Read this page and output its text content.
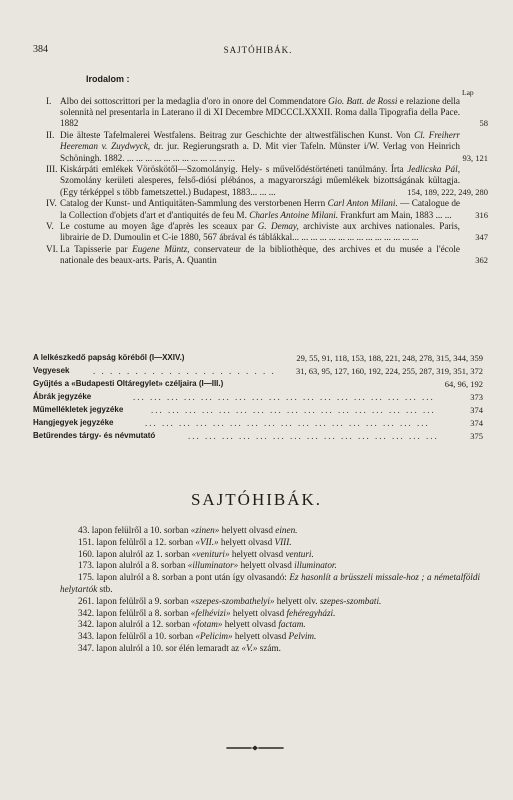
384	SAJTÓHIBÁK.
Irodalom :
Lap
I. Albo dei sottoscrittori per la medaglia d'oro in onore del Commendatore Gio. Batt. de Rossi e relazione della solennità nel presentarla in Laterano il di XI Decembre MDCCCLXXXII. Roma dalla Tipografia della Pace. 1882	58
II. Die älteste Tafelmalerei Westfalens. Beitrag zur Geschichte der altwestfälischen Kunst. Von Cl. Freiherr Heereman v. Zuydwyck, dr. jur. Regierungsrath a. D. Mit vier Tafeln. Münster i/W. Verlag von Heinrich Schöningh. 1882. ... ... ... ... ... ... ... ... ... ... ... ...	93, 121
III. Kiskárpáti emlékek Vöröskötől—Szomolányig. Hely- s művelődéstörténeti tanúlmány. Írta Jedlicska Pál, Szomolány kerületi alesperes, felső-diósi plébános, a magyarországi műemlékek bizottságának kültagja. (Egy térképpel s több fametszettel.) Budapest, 1883... ... ...	154, 189, 222, 249, 280
IV. Catalog der Kunst- und Antiquitäten-Sammlung des verstorbenen Herrn Carl Anton Milani. — Catalogue de la Collection d'objets d'art et d'antiquités de feu M. Charles Antoine Milani. Frankfurt am Main, 1883 ... ...	316
V. Le costume au moyen âge d'après les sceaux par G. Demay, archiviste aux archives nationales. Paris, librairie de D. Dumoulin et C-ie 1880, 567 ábrával és táblákkal... ... ... ... ... ... ... ... ... ... ... ... ... ...	347
VI. La Tapisserie par Eugene Müntz, conservateur de la bibliothèque, des archives et du musée a l'école nationale des beaux-arts. Paris, A. Quantin	362
A lelkészkedő papság köréből (I—XXIV.)	29, 55, 91, 118, 153, 188, 221, 248, 278, 315, 344, 359
Vegyesek	. . . . . . . . . . . . . . . . . . . . . . 31, 63, 95, 127, 160, 192, 224, 255, 287, 319, 351, 372
Gyűjtés a «Budapesti Oltáregylet» czéljaira (I—III.)	64, 96, 192
Ábrák jegyzéke	... ... ... ... ... ... ... ... ... ... ... ... ... ... ... ... ... ...	373
Műmellékletek jegyzéke	... ... ... ... ... ... ... ... ... ... ... ... ... ... ... ... ...	374
Hangjegyek jegyzéke	... ... ... ... ... ... ... ... ... ... ... ... ... ... ... ... ...	374
Betűrendes tárgy- és névmutató	... ... ... ... ... ... ... ... ... ... ... ... ... ... ...	375
SAJTÓHIBÁK.
43. lapon felülről a 10. sorban «zinen» helyett olvasd einen.
151. lapon felülről a 12. sorban «VII.» helyett olvasd VIII.
160. lapon alulról az 1. sorban «venituri» helyett olvasd venturi.
173. lapon alulról a 8. sorban «illuminator» helyett olvasd illuminator.
175. lapon alulról a 8. sorban a pont után így olvasandó: Ez hasonlít a brüsszeli missale-hoz ; a németalföldi helytartók stb.
261. lapon felülről a 9. sorban «szepes-szombathelyi» helyett olv. szepes-szombati.
342. lapon felülről a 8. sorban «felhévizi» helyett olvasd fehéregyházi.
342. lapon alulról a 12. sorban «fotam» helyett olvasd factam.
343. lapon felülről a 10. sorban «Pelicim» helyett olvasd Pelvim.
347. lapon alulról a 10. sor élén lemaradt az «V.» szám.
